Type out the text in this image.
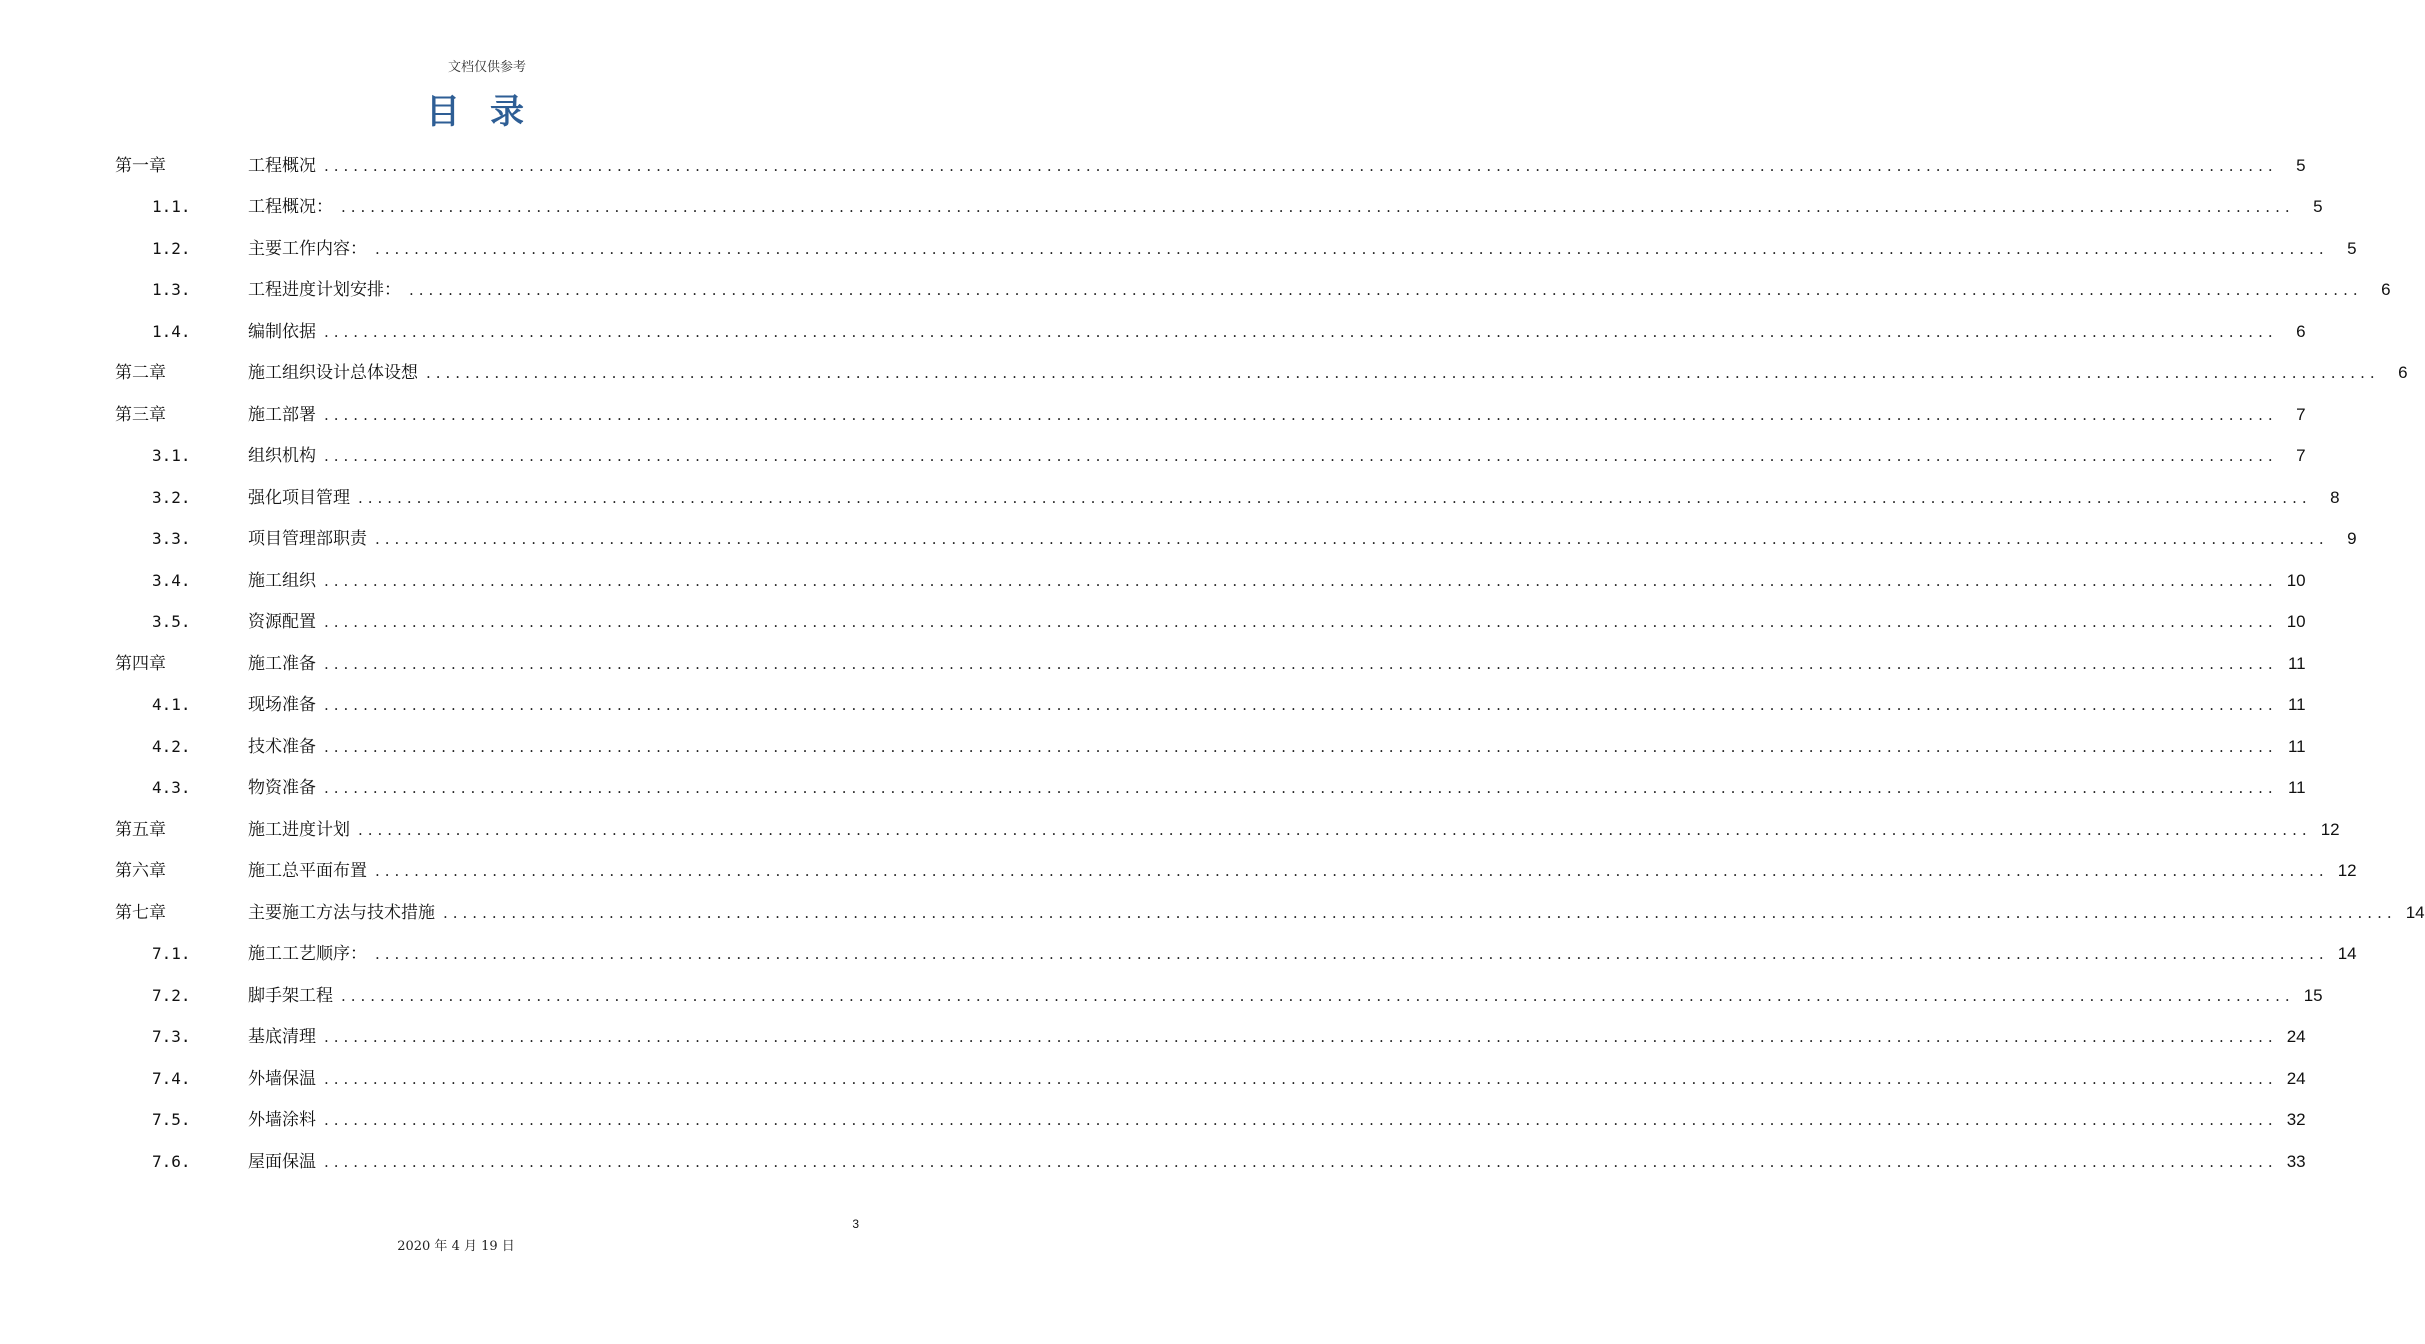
文档仅供参考
目录
第一章	工程概况 ........................................................................................................................................................................................................	5
1.1.	工程概况： ........................................................................................................................................................................................................	5
1.2.	主要工作内容： ........................................................................................................................................................................................................	5
1.3.	工程进度计划安排： ........................................................................................................................................................................................................	6
1.4.	编制依据 ........................................................................................................................................................................................................	6
第二章	施工组织设计总体设想 ........................................................................................................................................................................................................	6
第三章	施工部署 ........................................................................................................................................................................................................	7
3.1.	组织机构 ........................................................................................................................................................................................................	7
3.2.	强化项目管理 ........................................................................................................................................................................................................	8
3.3.	项目管理部职责 ........................................................................................................................................................................................................	9
3.4.	施工组织 ........................................................................................................................................................................................................ 10
3.5.	资源配置 ........................................................................................................................................................................................................ 10
第四章	施工准备 ........................................................................................................................................................................................................ 11
4.1.	现场准备 ........................................................................................................................................................................................................ 11
4.2.	技术准备 ........................................................................................................................................................................................................ 11
4.3.	物资准备 ........................................................................................................................................................................................................ 11
第五章	施工进度计划 ........................................................................................................................................................................................................ 12
第六章	施工总平面布置 ........................................................................................................................................................................................................ 12
第七章	主要施工方法与技术措施 ........................................................................................................................................................................................................ 14
7.1.	施工工艺顺序： ........................................................................................................................................................................................................ 14
7.2.	脚手架工程 ........................................................................................................................................................................................................ 15
7.3.	基底清理 ........................................................................................................................................................................................................ 24
7.4.	外墙保温 ........................................................................................................................................................................................................ 24
7.5.	外墙涂料 ........................................................................................................................................................................................................ 32
7.6.	屋面保温 ........................................................................................................................................................................................................ 33
3
2020 年 4 月 19 日
